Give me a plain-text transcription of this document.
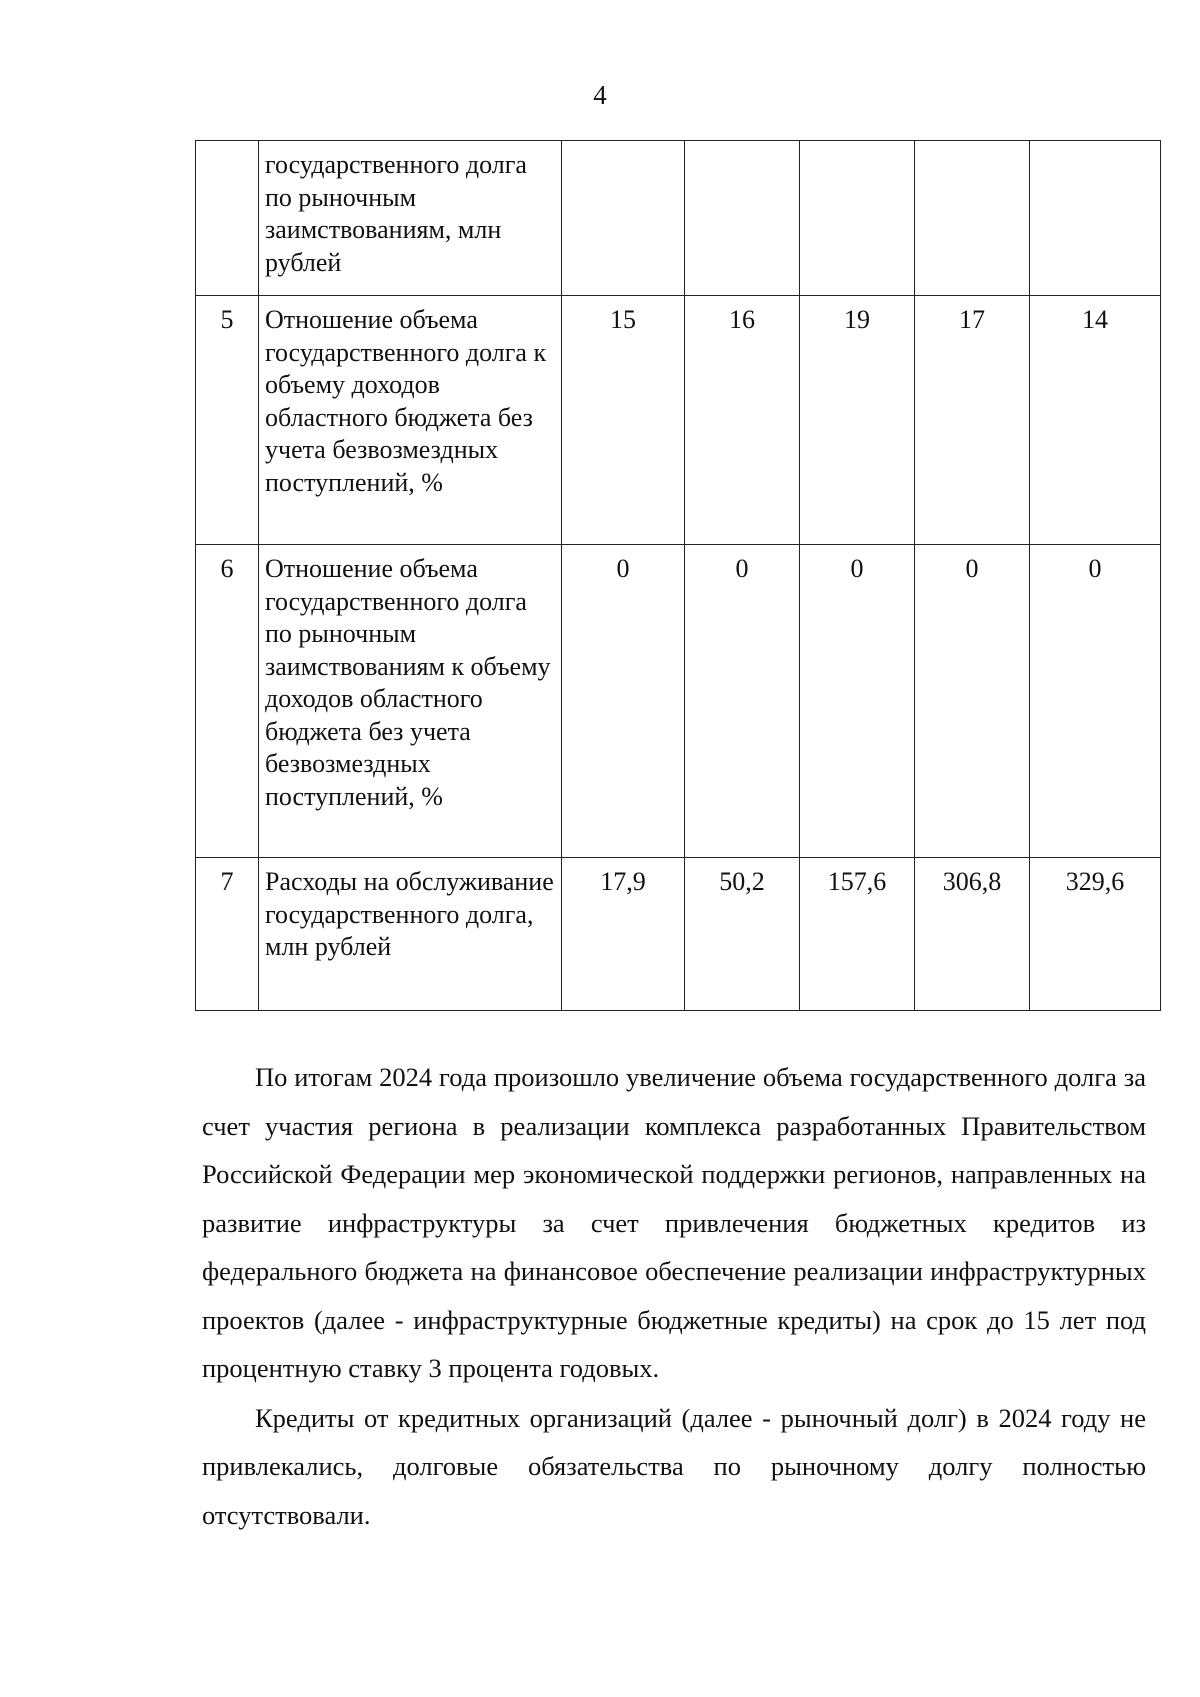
4
	государственного долга по рыночным заимствованиям, млн рублей					
5	Отношение объема государственного долга к объему доходов областного бюджета без учета безвозмездных поступлений, %	15	16	19	17	14
6	Отношение объема государственного долга по рыночным заимствованиям к объему доходов областного бюджета без учета безвозмездных поступлений, %	0	0	0	0	0
7	Расходы на обслуживание государственного долга, млн рублей	17,9	50,2	157,6	306,8	329,6

По итогам 2024 года произошло увеличение объема государственного долга за счет участия региона в реализации комплекса разработанных Правительством Российской Федерации мер экономической поддержки регионов, направленных на развитие инфраструктуры за счет привлечения бюджетных кредитов из федерального бюджета на финансовое обеспечение реализации инфраструктурных проектов (далее - инфраструктурные бюджетные кредиты) на срок до 15 лет под процентную ставку 3 процента годовых.

Кредиты от кредитных организаций (далее - рыночный долг) в 2024 году не привлекались, долговые обязательства по рыночному долгу полностью отсутствовали.
